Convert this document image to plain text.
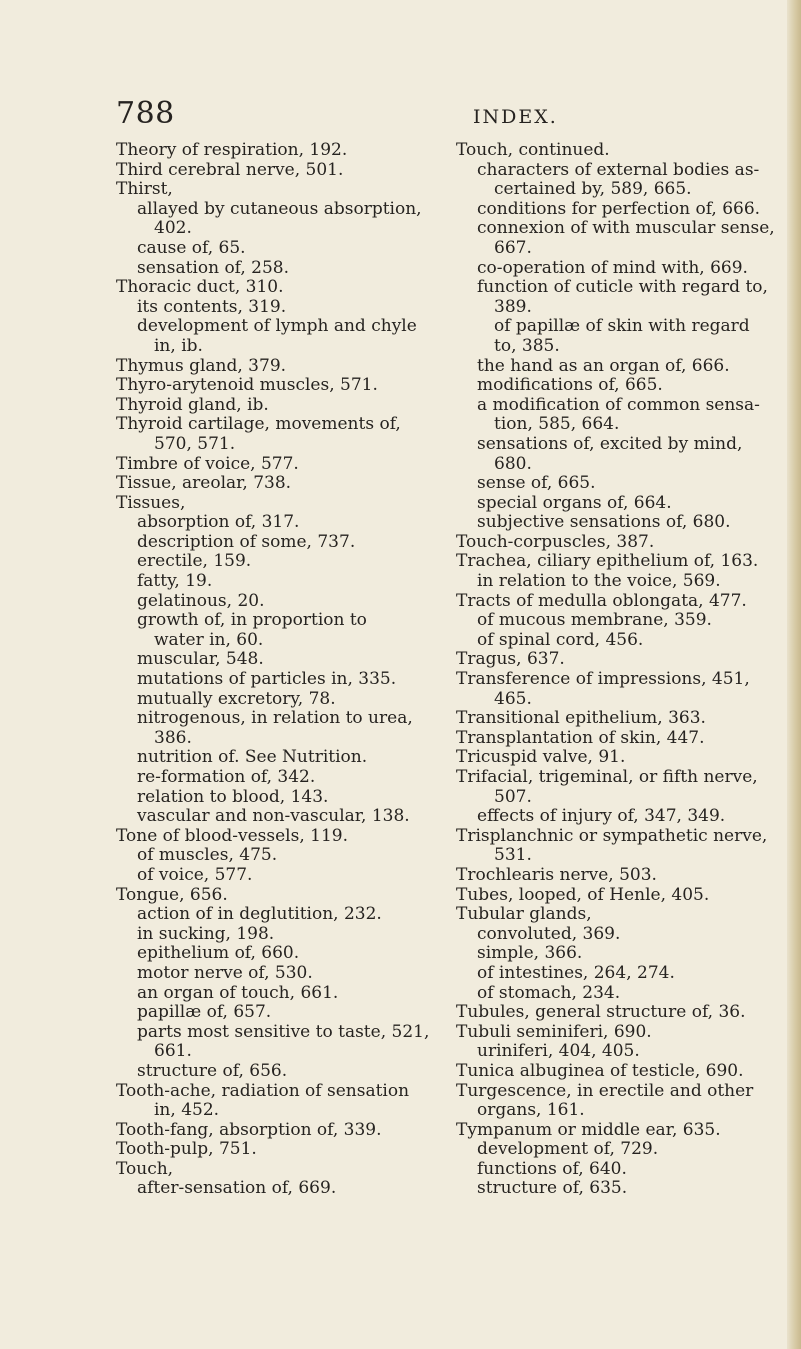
788	INDEX.

Theory of respiration, 192.

Third cerebral nerve, 501.

Thirst,

allayed by cutaneous absorption,

402.

cause of, 65.

sensation of, 258.

Thoracic duct, 310.

its contents, 319.

development of lymph and chyle

in, ib.

Thymus gland, 379.

Thyro-arytenoid muscles, 571.

Thyroid gland, ib.

Thyroid cartilage, movements of,

570, 571.

Timbre of voice, 577.

Tissue, areolar, 738.

Tissues,

absorption of, 317.

description of some, 737.

erectile, 159.

fatty, 19.

gelatinous, 20.

growth of, in proportion to

water in, 60.

muscular, 548.

mutations of particles in, 335.

mutually excretory, 78.

nitrogenous, in relation to urea,

386.

nutrition of. See Nutrition.

re-formation of, 342.

relation to blood, 143.

vascular and non-vascular, 138.

Tone of blood-vessels, 119.

of muscles, 475.

of voice, 577.

Tongue, 656.

action of in deglutition, 232.

in sucking, 198.

epithelium of, 660.

motor nerve of, 530.

an organ of touch, 661.

papillæ of, 657.

parts most sensitive to taste, 521,

661.

structure of, 656.

Tooth-ache, radiation of sensation

in, 452.

Tooth-fang, absorption of, 339.

Tooth-pulp, 751.

Touch,

after-sensation of, 669.

Touch, continued.

characters of external bodies as-

certained by, 589, 665.

conditions for perfection of, 666.

connexion of with muscular sense,

667.

co-operation of mind with, 669.

function of cuticle with regard to,

389.

of papillæ of skin with regard

to, 385.

the hand as an organ of, 666.

modifications of, 665.

a modification of common sensa-

tion, 585, 664.

sensations of, excited by mind,

680.

sense of, 665.

special organs of, 664.

subjective sensations of, 680.

Touch-corpuscles, 387.

Trachea, ciliary epithelium of, 163.

in relation to the voice, 569.

Tracts of medulla oblongata, 477.

of mucous membrane, 359.

of spinal cord, 456.

Tragus, 637.

Transference of impressions, 451,

465.

Transitional epithelium, 363.

Transplantation of skin, 447.

Tricuspid valve, 91.

Trifacial, trigeminal, or fifth nerve,

507.

effects of injury of, 347, 349.

Trisplanchnic or sympathetic nerve,

531.

Trochlearis nerve, 503.

Tubes, looped, of Henle, 405.

Tubular glands,

convoluted, 369.

simple, 366.

of intestines, 264, 274.

of stomach, 234.

Tubules, general structure of, 36.

Tubuli seminiferi, 690.

uriniferi, 404, 405.

Tunica albuginea of testicle, 690.

Turgescence, in erectile and other

organs, 161.

Tympanum or middle ear, 635.

development of, 729.

functions of, 640.

structure of, 635.
